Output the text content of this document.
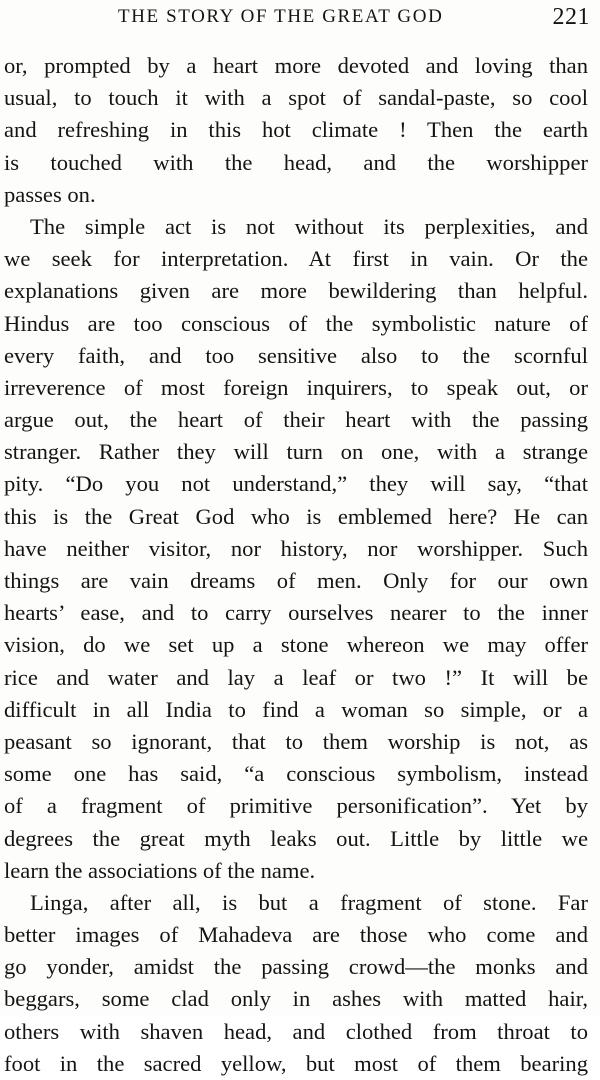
THE STORY OF THE GREAT GOD	221
or, prompted by a heart more devoted and loving than
usual, to touch it with a spot of sandal-paste, so cool
and refreshing in this hot climate ! Then the earth
is touched with the head, and the worshipper
passes on.
The simple act is not without its perplexities, and
we seek for interpretation. At first in vain. Or the
explanations given are more bewildering than helpful.
Hindus are too conscious of the symbolistic nature of
every faith, and too sensitive also to the scornful
irreverence of most foreign inquirers, to speak out, or
argue out, the heart of their heart with the passing
stranger. Rather they will turn on one, with a strange
pity. “Do you not understand,” they will say, “that
this is the Great God who is emblemed here? He can
have neither visitor, nor history, nor worshipper. Such
things are vain dreams of men. Only for our own
hearts’ ease, and to carry ourselves nearer to the inner
vision, do we set up a stone whereon we may offer
rice and water and lay a leaf or two !” It will be
difficult in all India to find a woman so simple, or a
peasant so ignorant, that to them worship is not, as
some one has said, “a conscious symbolism, instead
of a fragment of primitive personification”. Yet by
degrees the great myth leaks out. Little by little we
learn the associations of the name.
Linga, after all, is but a fragment of stone. Far
better images of Mahadeva are those who come and
go yonder, amidst the passing crowd—the monks and
beggars, some clad only in ashes with matted hair,
others with shaven head, and clothed from throat to
foot in the sacred yellow, but most of them bearing
